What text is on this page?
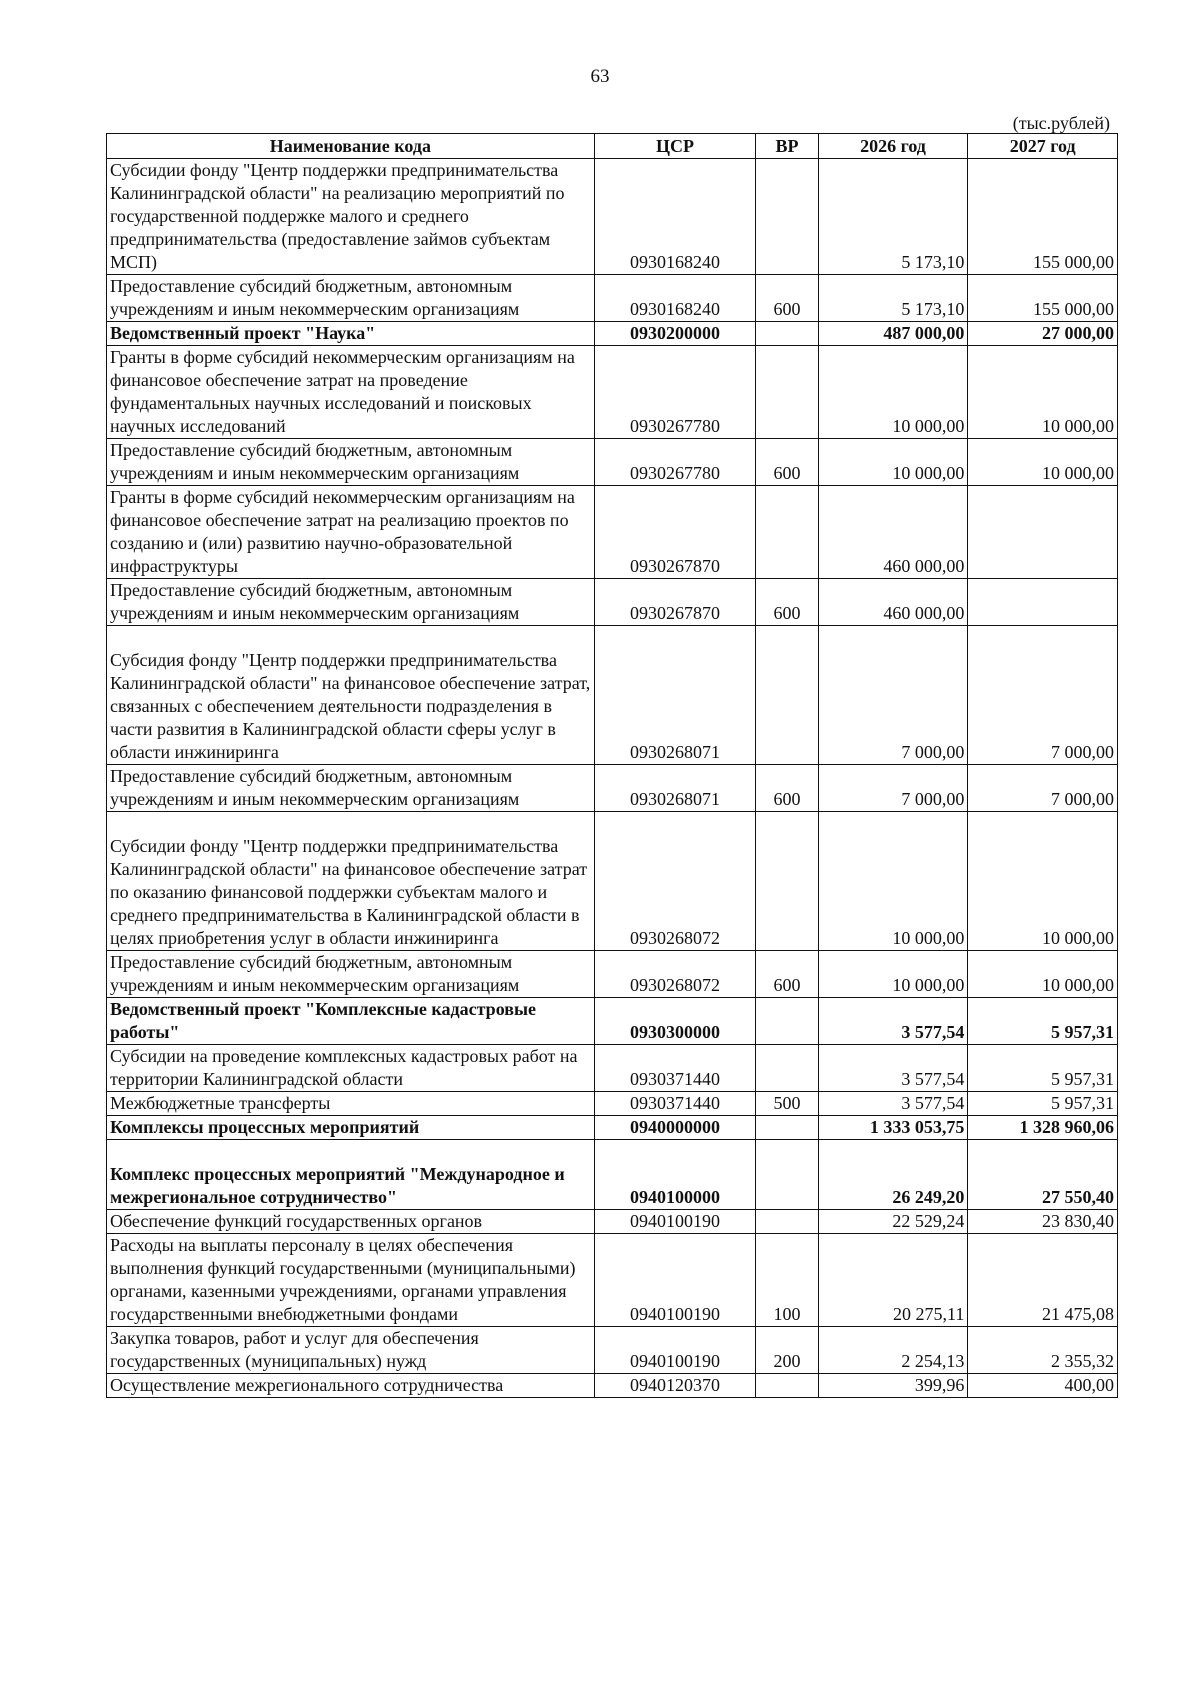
63
(тыс.рублей)
Наименование кода	ЦСР	ВР	2026 год	2027 год
Субсидии фонду "Центр поддержки предпринимательства Калининградской области" на реализацию мероприятий по государственной поддержке малого и среднего предпринимательства (предоставление займов субъектам МСП)	0930168240		5 173,10	155 000,00
Предоставление субсидий бюджетным, автономным учреждениям и иным некоммерческим организациям	0930168240	600	5 173,10	155 000,00
Ведомственный проект "Наука"	0930200000		487 000,00	27 000,00
Гранты в форме субсидий некоммерческим организациям на финансовое обеспечение затрат на проведение фундаментальных научных исследований и поисковых научных исследований	0930267780		10 000,00	10 000,00
Предоставление субсидий бюджетным, автономным учреждениям и иным некоммерческим организациям	0930267780	600	10 000,00	10 000,00
Гранты в форме субсидий некоммерческим организациям на финансовое обеспечение затрат на реализацию проектов по созданию и (или) развитию научно-образовательной инфраструктуры	0930267870		460 000,00	
Предоставление субсидий бюджетным, автономным учреждениям и иным некоммерческим организациям	0930267870	600	460 000,00	
Субсидия фонду "Центр поддержки предпринимательства Калининградской области" на финансовое обеспечение затрат, связанных с обеспечением деятельности подразделения в части развития в Калининградской области сферы услуг в области инжиниринга	0930268071		7 000,00	7 000,00
Предоставление субсидий бюджетным, автономным учреждениям и иным некоммерческим организациям	0930268071	600	7 000,00	7 000,00
Субсидии фонду "Центр поддержки предпринимательства Калининградской области" на финансовое обеспечение затрат по оказанию финансовой поддержки субъектам малого и среднего предпринимательства в Калининградской области в целях приобретения услуг в области инжиниринга	0930268072		10 000,00	10 000,00
Предоставление субсидий бюджетным, автономным учреждениям и иным некоммерческим организациям	0930268072	600	10 000,00	10 000,00
Ведомственный проект "Комплексные кадастровые работы"	0930300000		3 577,54	5 957,31
Субсидии на проведение комплексных кадастровых работ на территории Калининградской области	0930371440		3 577,54	5 957,31
Межбюджетные трансферты	0930371440	500	3 577,54	5 957,31
Комплексы процессных мероприятий	0940000000		1 333 053,75	1 328 960,06
Комплекс процессных мероприятий "Международное и межрегиональное сотрудничество"	0940100000		26 249,20	27 550,40
Обеспечение функций государственных органов	0940100190		22 529,24	23 830,40
Расходы на выплаты персоналу в целях обеспечения выполнения функций государственными (муниципальными) органами, казенными учреждениями, органами управления государственными внебюджетными фондами	0940100190	100	20 275,11	21 475,08
Закупка товаров, работ и услуг для обеспечения государственных (муниципальных) нужд	0940100190	200	2 254,13	2 355,32
Осуществление межрегионального сотрудничества	0940120370		399,96	400,00
